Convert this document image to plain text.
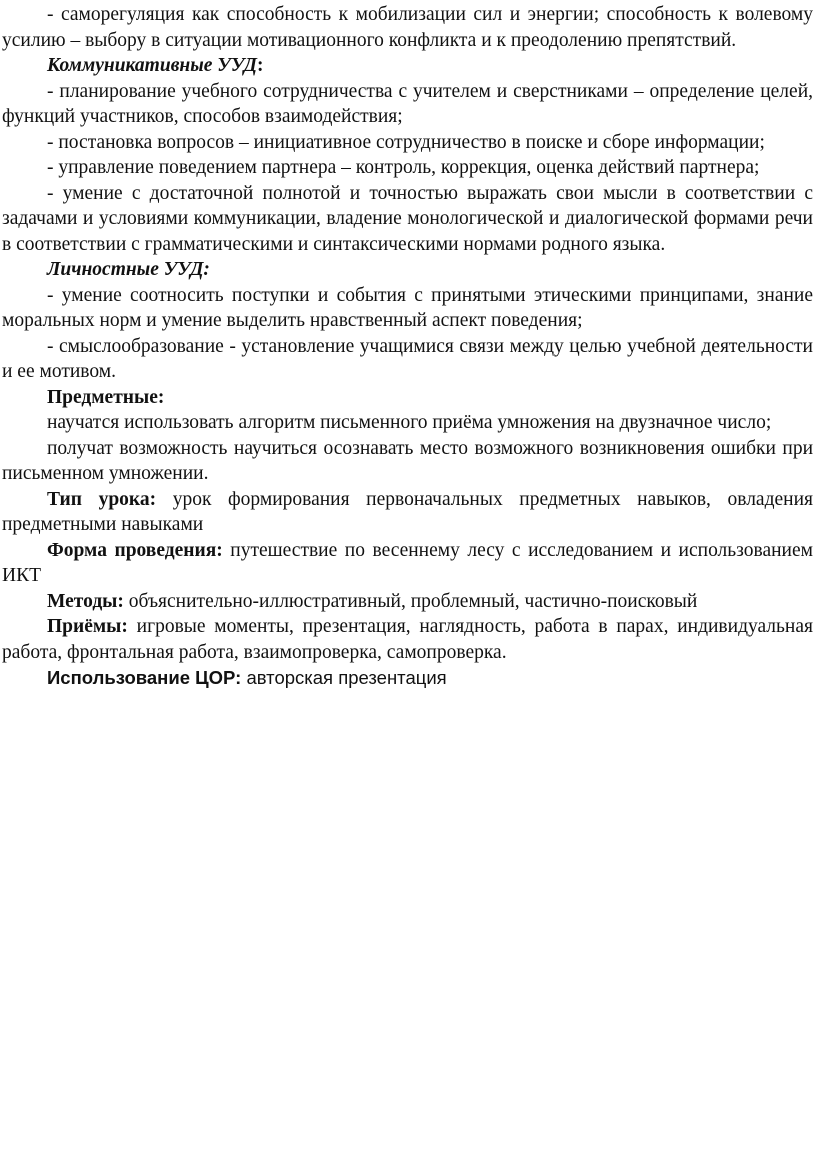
- саморегуляция как способность к мобилизации сил и энергии; способность к волевому усилию – выбору в ситуации мотивационного конфликта и к преодолению препятствий.

Коммуникативные УУД:

- планирование учебного сотрудничества с учителем и сверстниками – определение целей, функций участников, способов взаимодействия;

- постановка вопросов – инициативное сотрудничество в поиске и сборе информации;

- управление поведением партнера – контроль, коррекция, оценка действий партнера;

- умение с достаточной полнотой и точностью выражать свои мысли в соответствии с задачами и условиями коммуникации, владение монологической и диалогической формами речи в соответствии с грамматическими и синтаксическими нормами родного языка.

Личностные УУД:

- умение соотносить поступки и события с принятыми этическими принципами, знание моральных норм и умение выделить нравственный аспект поведения;

- смыслообразование - установление учащимися связи между целью учебной деятельности и ее мотивом.

Предметные:

научатся использовать алгоритм письменного приёма умножения на двузначное число;

получат возможность научиться осознавать место возможного возникновения ошибки при письменном умножении.

Тип урока: урок формирования первоначальных предметных навыков, овладения предметными навыками

Форма проведения: путешествие по весеннему лесу с исследованием и использованием ИКТ

Методы: объяснительно-иллюстративный, проблемный, частично-поисковый

Приёмы: игровые моменты, презентация, наглядность, работа в парах, индивидуальная работа, фронтальная работа, взаимопроверка, самопроверка.

Использование ЦОР: авторская презентация
